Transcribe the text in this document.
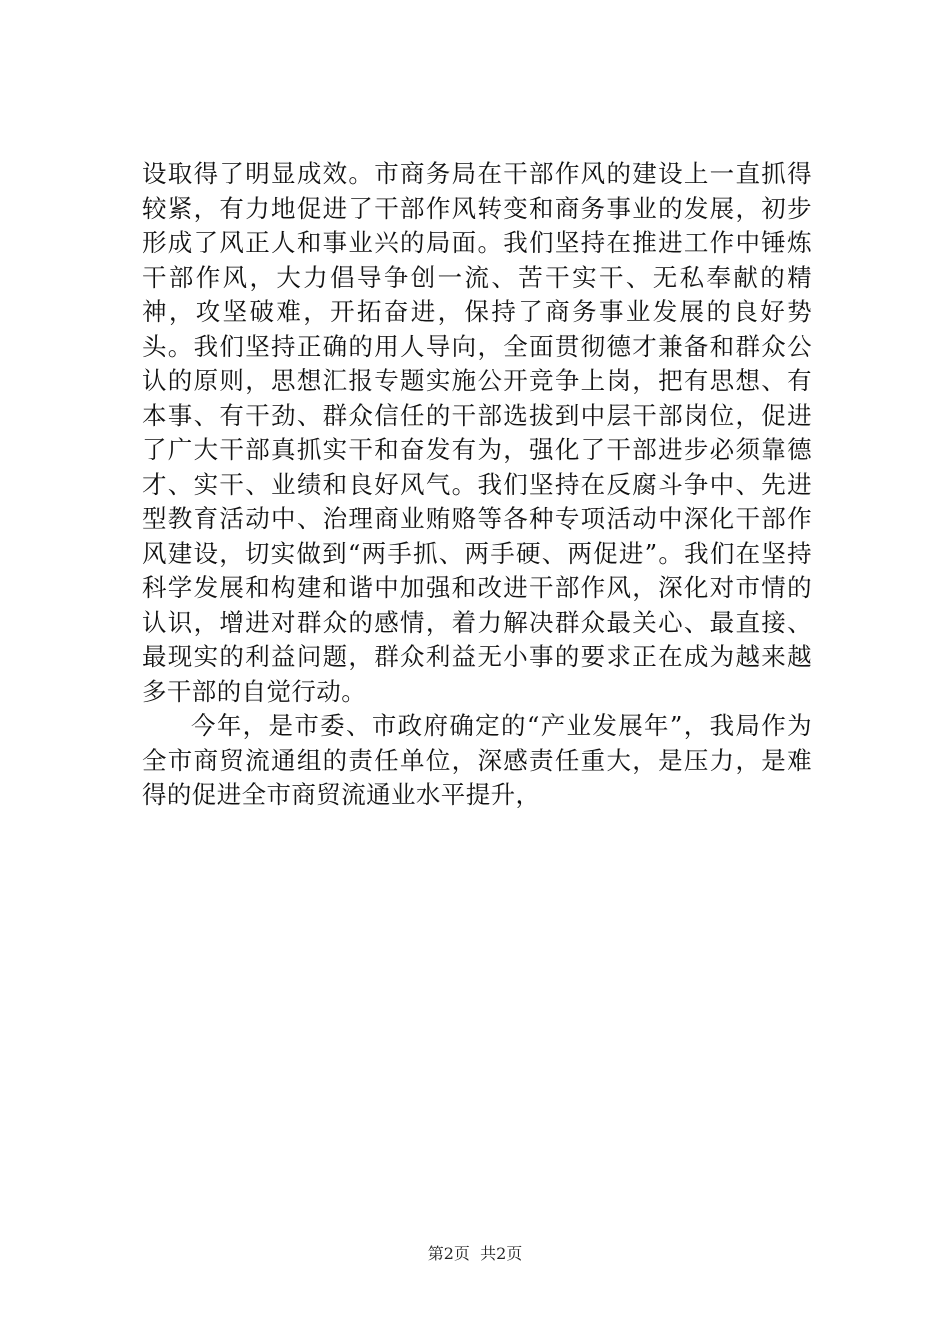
设取得了明显成效。市商务局在干部作风的建设上一直抓得较紧，有力地促进了干部作风转变和商务事业的发展，初步形成了风正人和事业兴的局面。我们坚持在推进工作中锤炼干部作风，大力倡导争创一流、苦干实干、无私奉献的精神，攻坚破难，开拓奋进，保持了商务事业发展的良好势头。我们坚持正确的用人导向，全面贯彻德才兼备和群众公认的原则，思想汇报专题实施公开竞争上岗，把有思想、有本事、有干劲、群众信任的干部选拔到中层干部岗位，促进了广大干部真抓实干和奋发有为，强化了干部进步必须靠德才、实干、业绩和良好风气。我们坚持在反腐斗争中、先进型教育活动中、治理商业贿赂等各种专项活动中深化干部作风建设，切实做到“两手抓、两手硬、两促进”。我们在坚持科学发展和构建和谐中加强和改进干部作风，深化对市情的认识，增进对群众的感情，着力解决群众最关心、最直接、最现实的利益问题，群众利益无小事的要求正在成为越来越多干部的自觉行动。

今年，是市委、市政府确定的“产业发展年”，我局作为全市商贸流通组的责任单位，深感责任重大，是压力，是难得的促进全市商贸流通业水平提升，

第2页 共2页
